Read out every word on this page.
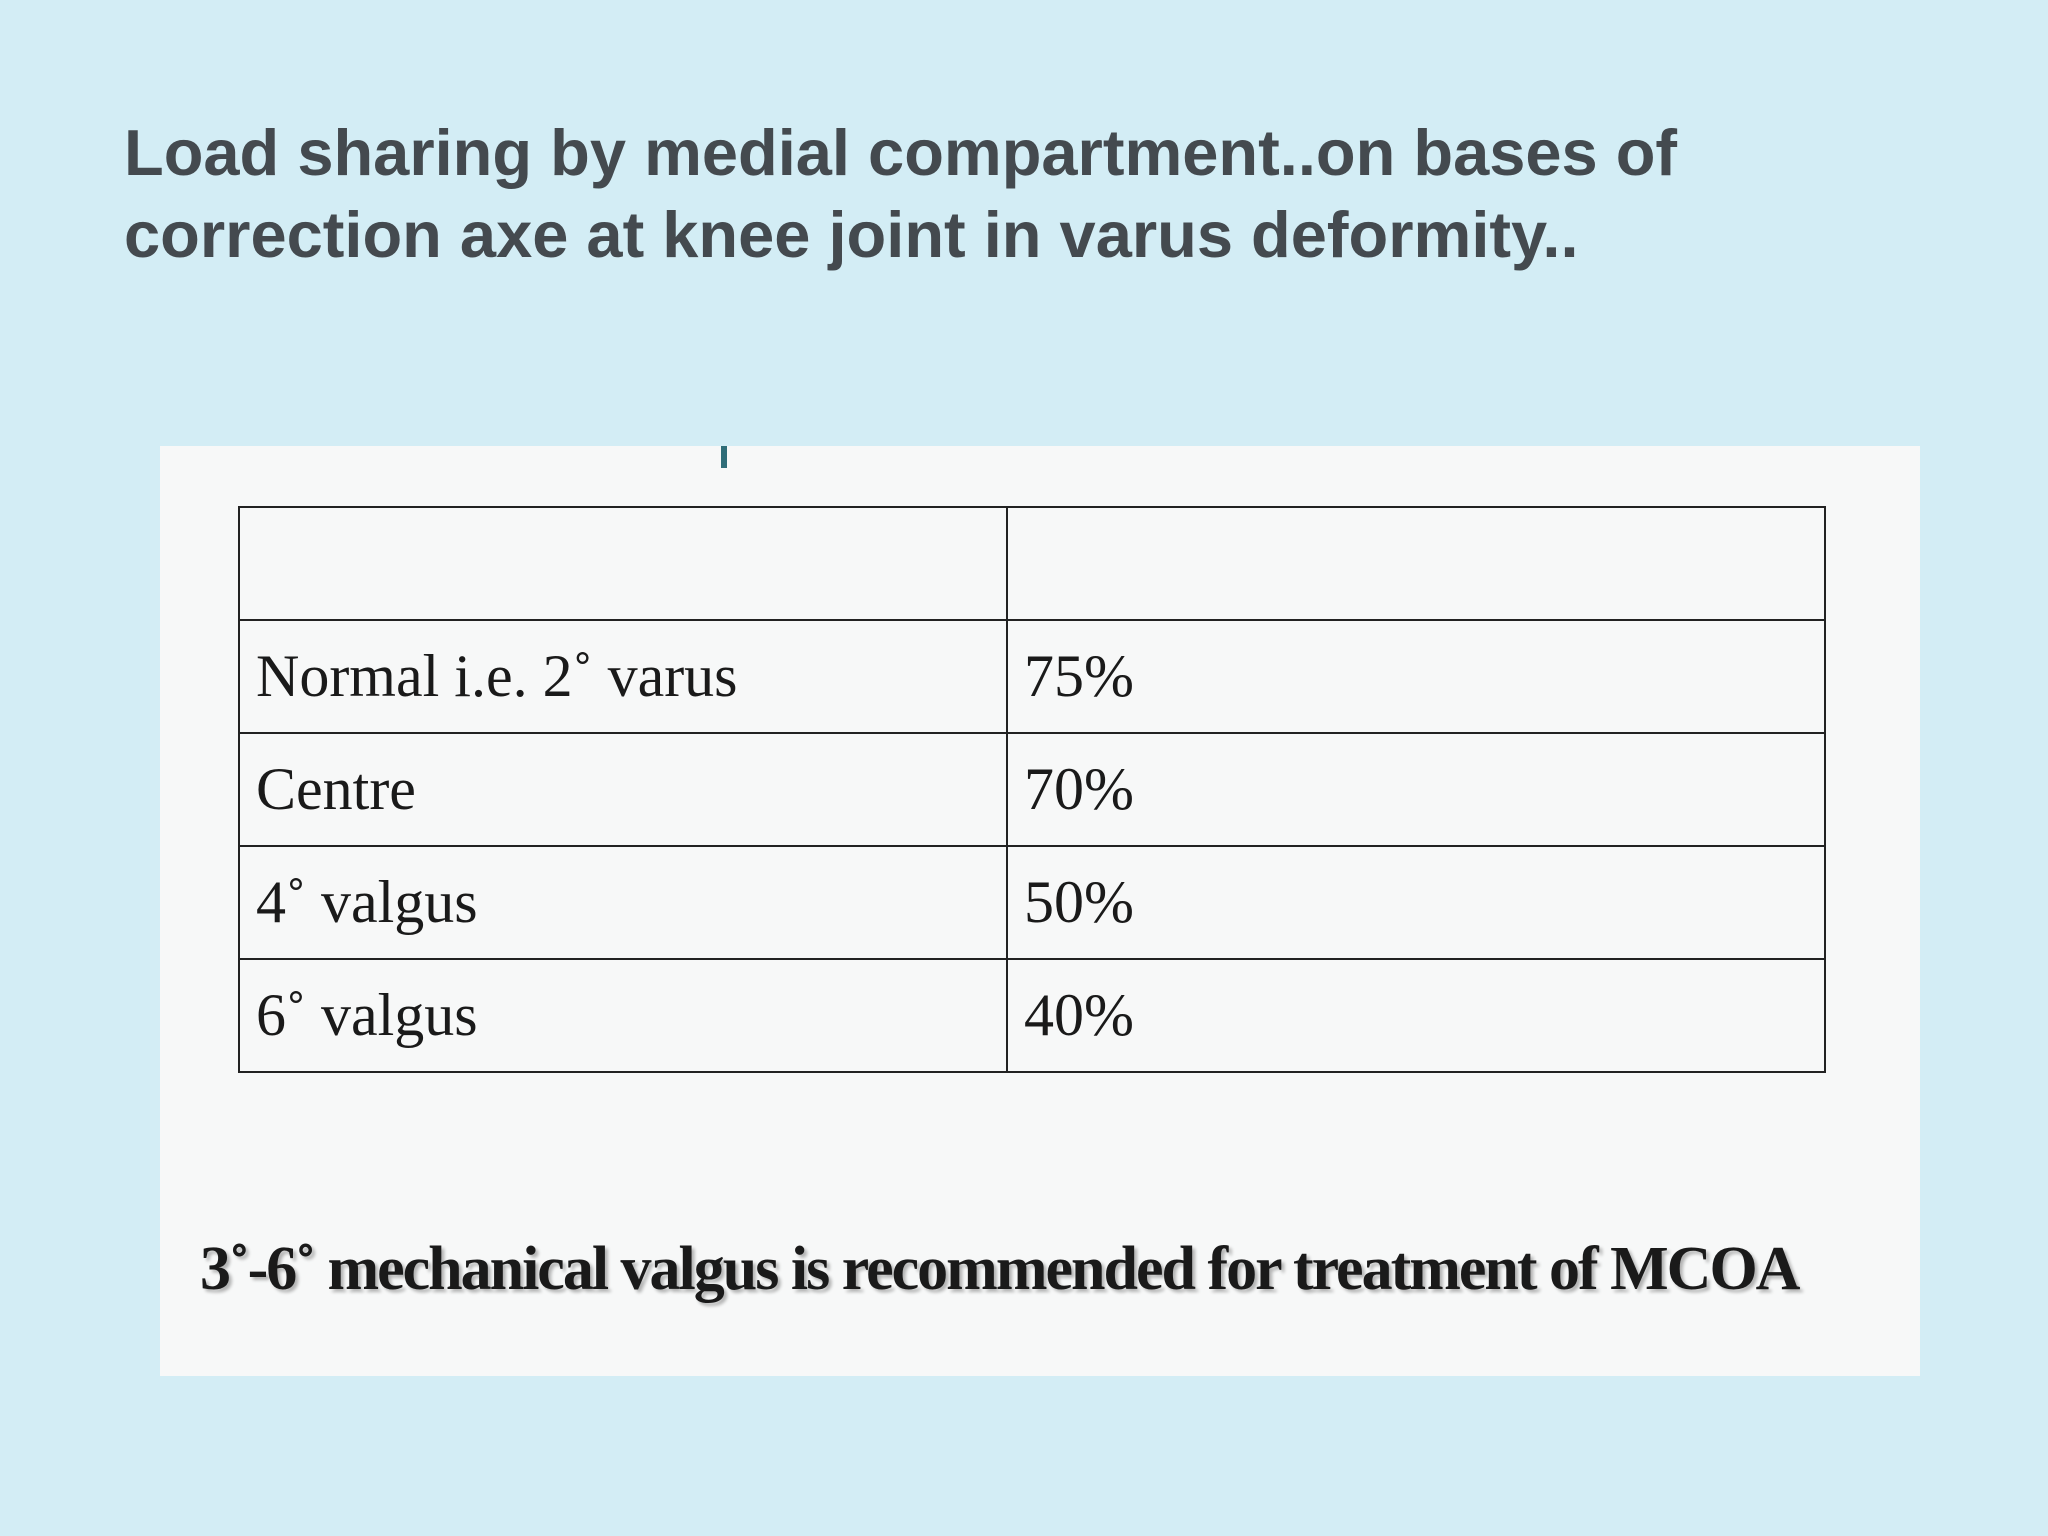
Load sharing by medial compartment..on bases of correction axe at knee joint in varus deformity..

Normal i.e. 2˚ varus	75%
Centre	70%
4˚ valgus	50%
6˚ valgus	40%

3˚-6˚ mechanical valgus is recommended for treatment of MCOA
